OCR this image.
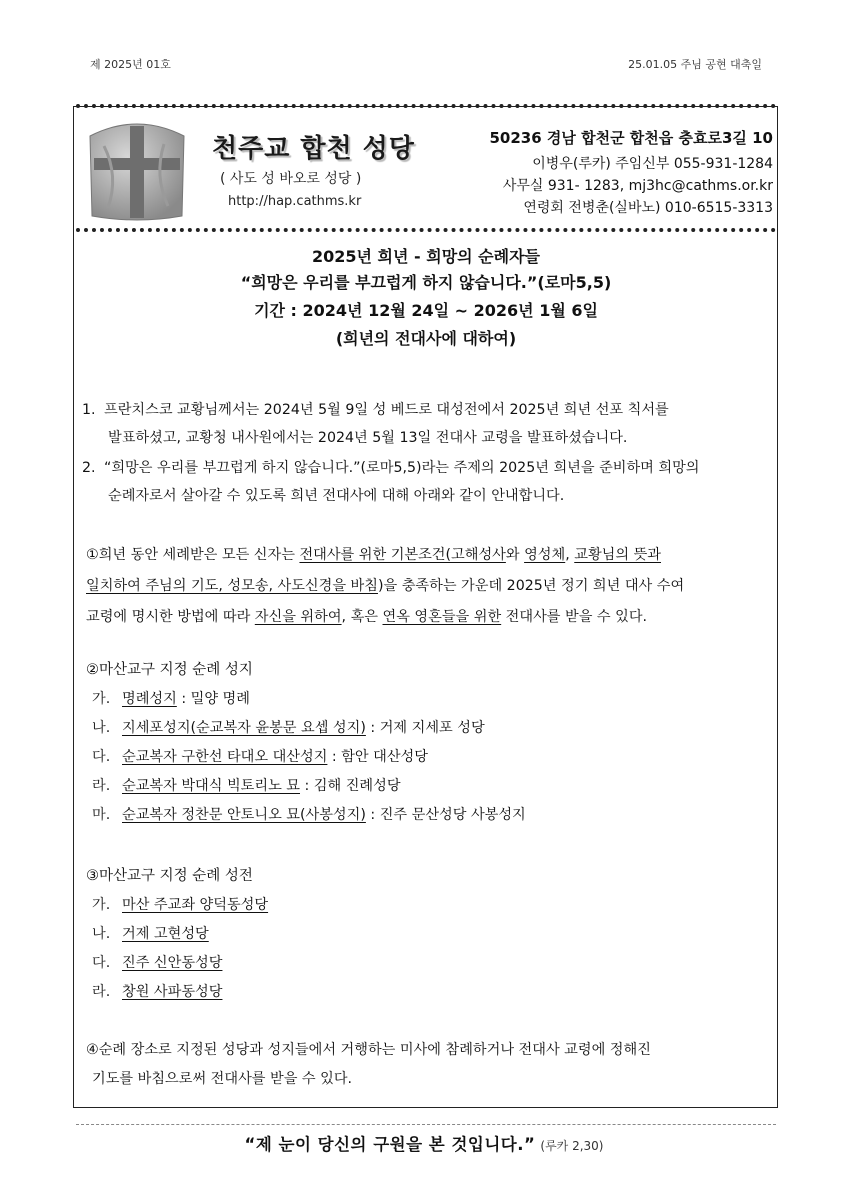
제 2025년 01호	25.01.05 주님 공현 대축일
천주교 합천 성당
( 사도 성 바오로 성당 )
http://hap.cathms.kr
50236 경남 합천군 합천읍 충효로3길 10
이병우(루카) 주임신부 055-931-1284
사무실 931- 1283, mj3hc@cathms.or.kr
연령회 전병춘(실바노) 010-6515-3313
2025년 희년 - 희망의 순례자들
“희망은 우리를 부끄럽게 하지 않습니다.”(로마5,5)
기간 : 2024년 12월 24일 ~ 2026년 1월 6일
(희년의 전대사에 대하여)
1. 프란치스코 교황님께서는 2024년 5월 9일 성 베드로 대성전에서 2025년 희년 선포 칙서를
발표하셨고, 교황청 내사원에서는 2024년 5월 13일 전대사 교령을 발표하셨습니다.
2. “희망은 우리를 부끄럽게 하지 않습니다.”(로마5,5)라는 주제의 2025년 희년을 준비하며 희망의
순례자로서 살아갈 수 있도록 희년 전대사에 대해 아래와 같이 안내합니다.
①희년 동안 세례받은 모든 신자는 전대사를 위한 기본조건(고해성사와 영성체, 교황님의 뜻과
일치하여 주님의 기도, 성모송, 사도신경을 바침)을 충족하는 가운데 2025년 정기 희년 대사 수여
교령에 명시한 방법에 따라 자신을 위하여, 혹은 연옥 영혼들을 위한 전대사를 받을 수 있다.
②마산교구 지정 순례 성지
가. 명례성지 : 밀양 명례
나. 지세포성지(순교복자 윤봉문 요셉 성지) : 거제 지세포 성당
다. 순교복자 구한선 타대오 대산성지 : 함안 대산성당
라. 순교복자 박대식 빅토리노 묘 : 김해 진례성당
마. 순교복자 정찬문 안토니오 묘(사봉성지) : 진주 문산성당 사봉성지
③마산교구 지정 순례 성전
가. 마산 주교좌 양덕동성당
나. 거제 고현성당
다. 진주 신안동성당
라. 창원 사파동성당
④순례 장소로 지정된 성당과 성지들에서 거행하는 미사에 참례하거나 전대사 교령에 정해진
기도를 바침으로써 전대사를 받을 수 있다.
“제 눈이 당신의 구원을 본 것입니다.” (루카 2,30)
